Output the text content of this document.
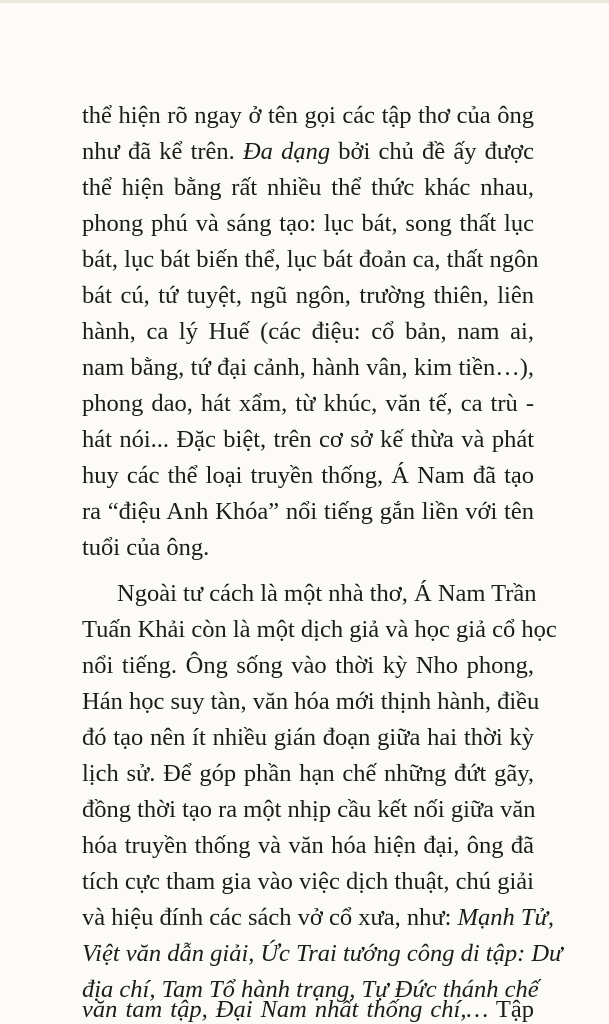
thể hiện rõ ngay ở tên gọi các tập thơ của ông
như đã kể trên. Đa dạng bởi chủ đề ấy được
thể hiện bằng rất nhiều thể thức khác nhau,
phong phú và sáng tạo: lục bát, song thất lục
bát, lục bát biến thể, lục bát đoản ca, thất ngôn
bát cú, tứ tuyệt, ngũ ngôn, trường thiên, liên
hành, ca lý Huế (các điệu: cổ bản, nam ai,
nam bằng, tứ đại cảnh, hành vân, kim tiền…),
phong dao, hát xẩm, từ khúc, văn tế, ca trù -
hát nói... Đặc biệt, trên cơ sở kế thừa và phát
huy các thể loại truyền thống, Á Nam đã tạo
ra “điệu Anh Khóa” nổi tiếng gắn liền với tên
tuổi của ông.
Ngoài tư cách là một nhà thơ, Á Nam Trần
Tuấn Khải còn là một dịch giả và học giả cổ học
nổi tiếng. Ông sống vào thời kỳ Nho phong,
Hán học suy tàn, văn hóa mới thịnh hành, điều
đó tạo nên ít nhiều gián đoạn giữa hai thời kỳ
lịch sử. Để góp phần hạn chế những đứt gãy,
đồng thời tạo ra một nhịp cầu kết nối giữa văn
hóa truyền thống và văn hóa hiện đại, ông đã
tích cực tham gia vào việc dịch thuật, chú giải
và hiệu đính các sách vở cổ xưa, như: Mạnh Tử,
Việt văn dẫn giải, Ức Trai tướng công di tập: Dư
địa chí, Tam Tổ hành trạng, Tự Đức thánh chế
văn tam tập, Đại Nam nhất thống chí,… Tập
